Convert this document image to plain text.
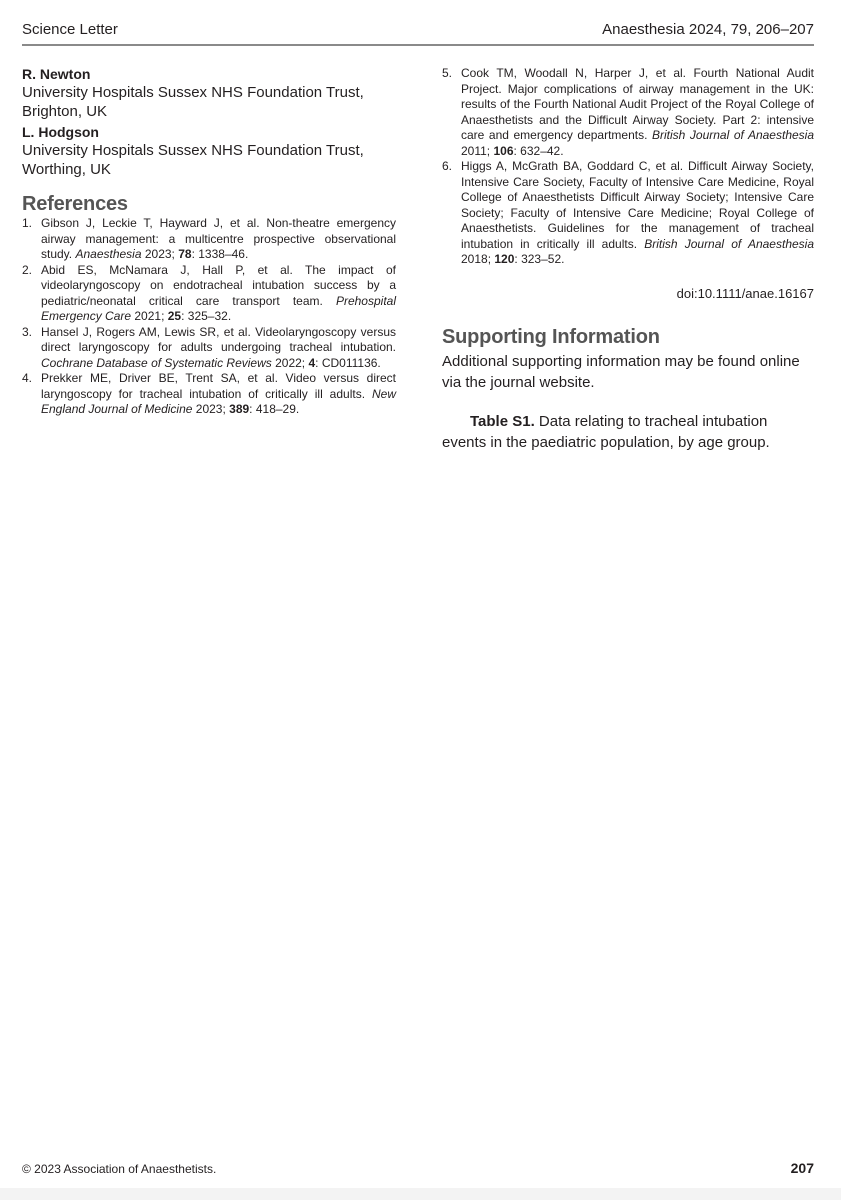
Science Letter	Anaesthesia 2024, 79, 206–207
R. Newton
University Hospitals Sussex NHS Foundation Trust, Brighton, UK
L. Hodgson
University Hospitals Sussex NHS Foundation Trust, Worthing, UK
References
1. Gibson J, Leckie T, Hayward J, et al. Non-theatre emergency airway management: a multicentre prospective observational study. Anaesthesia 2023; 78: 1338–46.
2. Abid ES, McNamara J, Hall P, et al. The impact of videolaryngoscopy on endotracheal intubation success by a pediatric/neonatal critical care transport team. Prehospital Emergency Care 2021; 25: 325–32.
3. Hansel J, Rogers AM, Lewis SR, et al. Videolaryngoscopy versus direct laryngoscopy for adults undergoing tracheal intubation. Cochrane Database of Systematic Reviews 2022; 4: CD011136.
4. Prekker ME, Driver BE, Trent SA, et al. Video versus direct laryngoscopy for tracheal intubation of critically ill adults. New England Journal of Medicine 2023; 389: 418–29.
5. Cook TM, Woodall N, Harper J, et al. Fourth National Audit Project. Major complications of airway management in the UK: results of the Fourth National Audit Project of the Royal College of Anaesthetists and the Difficult Airway Society. Part 2: intensive care and emergency departments. British Journal of Anaesthesia 2011; 106: 632–42.
6. Higgs A, McGrath BA, Goddard C, et al. Difficult Airway Society, Intensive Care Society, Faculty of Intensive Care Medicine, Royal College of Anaesthetists Difficult Airway Society; Intensive Care Society; Faculty of Intensive Care Medicine; Royal College of Anaesthetists. Guidelines for the management of tracheal intubation in critically ill adults. British Journal of Anaesthesia 2018; 120: 323–52.
doi:10.1111/anae.16167
Supporting Information

Additional supporting information may be found online via the journal website.

Table S1. Data relating to tracheal intubation events in the paediatric population, by age group.

© 2023 Association of Anaesthetists.	207
